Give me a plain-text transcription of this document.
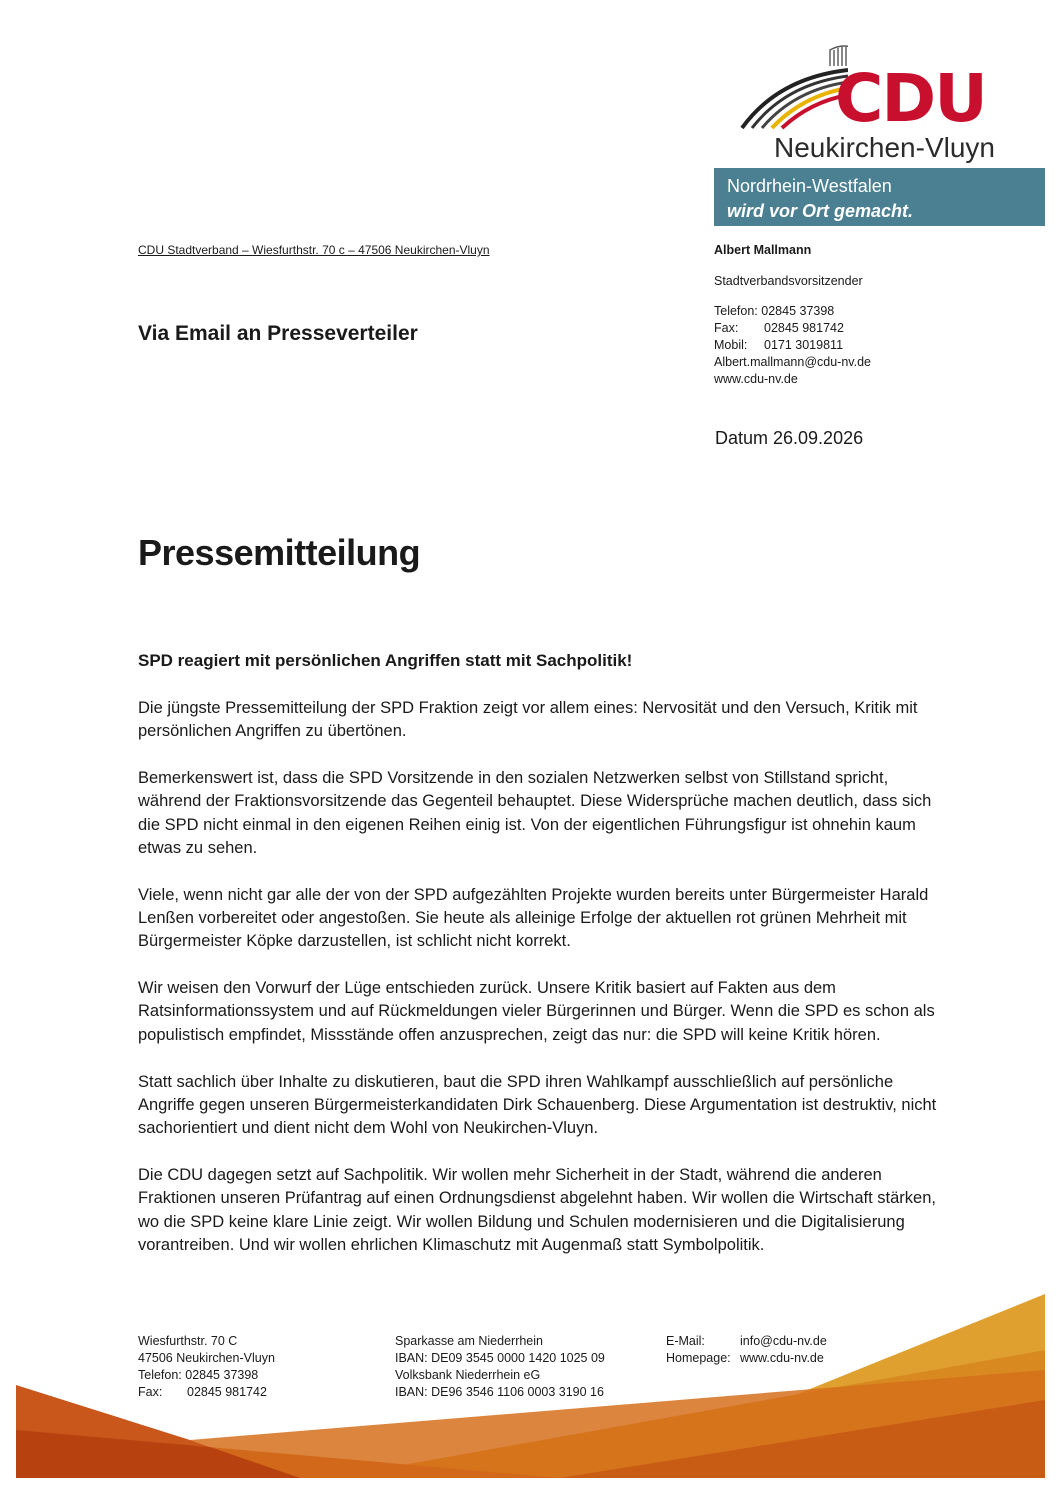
CDU
Neukirchen-Vluyn
Nordrhein-Westfalen
wird vor Ort gemacht.
CDU Stadtverband – Wiesfurthstr. 70 c – 47506 Neukirchen-Vluyn
Via Email an Presseverteiler
Albert Mallmann
Stadtverbandsvorsitzender
Telefon: 02845 37398
Fax: 02845 981742
Mobil: 0171 3019811
Albert.mallmann@cdu-nv.de
www.cdu-nv.de
Datum 26.09.2026
Pressemitteilung
SPD reagiert mit persönlichen Angriffen statt mit Sachpolitik!

Die jüngste Pressemitteilung der SPD Fraktion zeigt vor allem eines: Nervosität und den Versuch, Kritik mit persönlichen Angriffen zu übertönen.

Bemerkenswert ist, dass die SPD Vorsitzende in den sozialen Netzwerken selbst von Stillstand spricht, während der Fraktionsvorsitzende das Gegenteil behauptet. Diese Widersprüche machen deutlich, dass sich die SPD nicht einmal in den eigenen Reihen einig ist. Von der eigentlichen Führungsfigur ist ohnehin kaum etwas zu sehen.

Viele, wenn nicht gar alle der von der SPD aufgezählten Projekte wurden bereits unter Bürgermeister Harald Lenßen vorbereitet oder angestoßen. Sie heute als alleinige Erfolge der aktuellen rot grünen Mehrheit mit Bürgermeister Köpke darzustellen, ist schlicht nicht korrekt.

Wir weisen den Vorwurf der Lüge entschieden zurück. Unsere Kritik basiert auf Fakten aus dem Ratsinformationssystem und auf Rückmeldungen vieler Bürgerinnen und Bürger. Wenn die SPD es schon als populistisch empfindet, Missstände offen anzusprechen, zeigt das nur: die SPD will keine Kritik hören.

Statt sachlich über Inhalte zu diskutieren, baut die SPD ihren Wahlkampf ausschließlich auf persönliche Angriffe gegen unseren Bürgermeisterkandidaten Dirk Schauenberg. Diese Argumentation ist destruktiv, nicht sachorientiert und dient nicht dem Wohl von Neukirchen-Vluyn.

Die CDU dagegen setzt auf Sachpolitik. Wir wollen mehr Sicherheit in der Stadt, während die anderen Fraktionen unseren Prüfantrag auf einen Ordnungsdienst abgelehnt haben. Wir wollen die Wirtschaft stärken, wo die SPD keine klare Linie zeigt. Wir wollen Bildung und Schulen modernisieren und die Digitalisierung vorantreiben. Und wir wollen ehrlichen Klimaschutz mit Augenmaß statt Symbolpolitik.

Wiesfurthstr. 70 C
47506 Neukirchen-Vluyn
Telefon: 02845 37398
Fax: 02845 981742
Sparkasse am Niederrhein
IBAN: DE09 3545 0000 1420 1025 09
Volksbank Niederrhein eG
IBAN: DE96 3546 1106 0003 3190 16
E-Mail:	info@cdu-nv.de
Homepage: www.cdu-nv.de
